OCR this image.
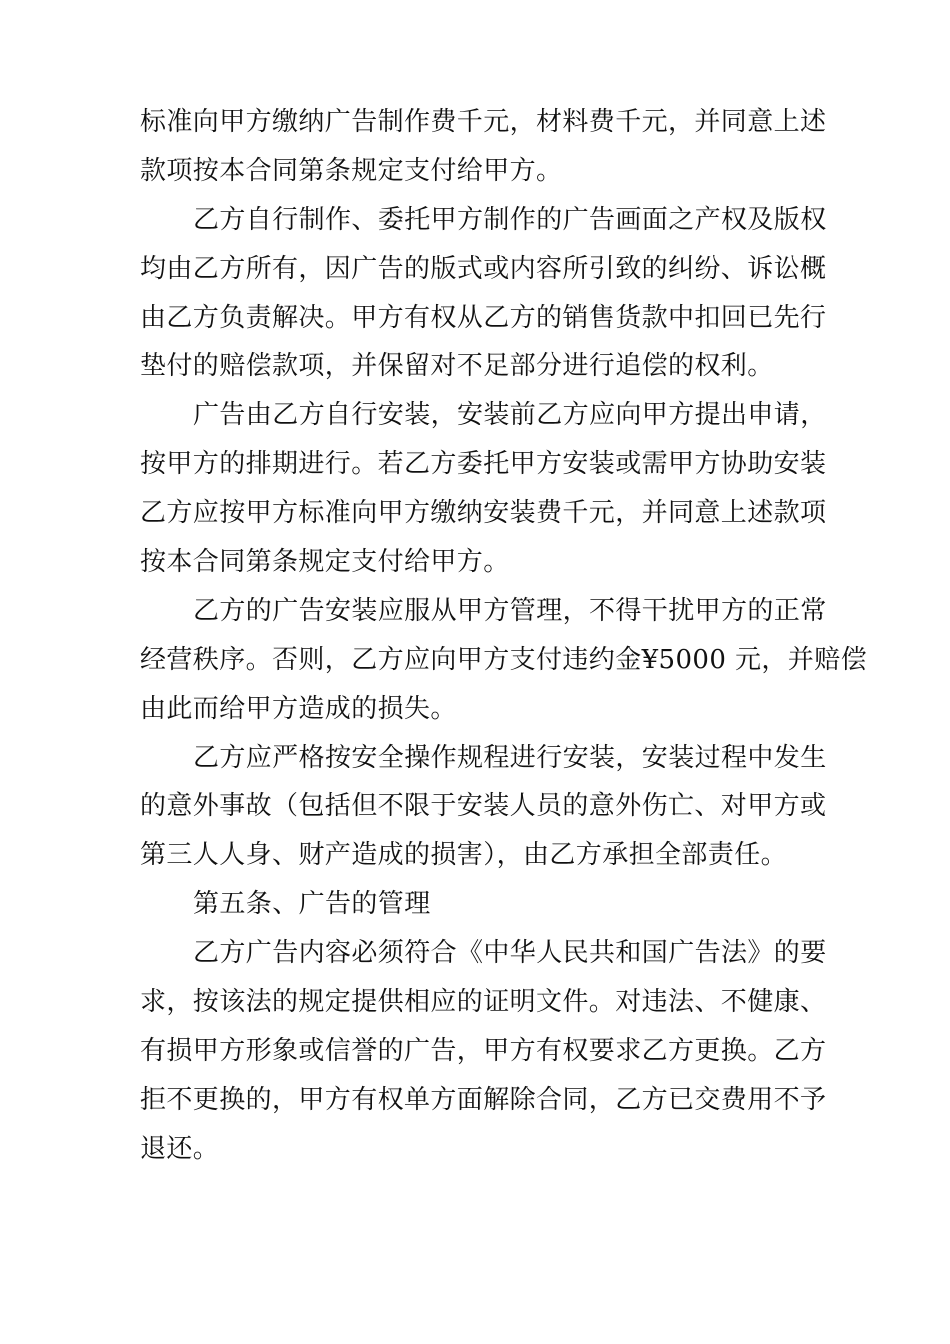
标准向甲方缴纳广告制作费千元，材料费千元，并同意上述
款项按本合同第条规定支付给甲方。
乙方自行制作、委托甲方制作的广告画面之产权及版权
均由乙方所有，因广告的版式或内容所引致的纠纷、诉讼概
由乙方负责解决。甲方有权从乙方的销售货款中扣回已先行
垫付的赔偿款项，并保留对不足部分进行追偿的权利。
广告由乙方自行安装，安装前乙方应向甲方提出申请，
按甲方的排期进行。若乙方委托甲方安装或需甲方协助安装
乙方应按甲方标准向甲方缴纳安装费千元，并同意上述款项
按本合同第条规定支付给甲方。
乙方的广告安装应服从甲方管理，不得干扰甲方的正常
经营秩序。否则，乙方应向甲方支付违约金¥5000 元，并赔偿
由此而给甲方造成的损失。
乙方应严格按安全操作规程进行安装，安装过程中发生
的意外事故（包括但不限于安装人员的意外伤亡、对甲方或
第三人人身、财产造成的损害），由乙方承担全部责任。
第五条、广告的管理
乙方广告内容必须符合《中华人民共和国广告法》的要
求，按该法的规定提供相应的证明文件。对违法、不健康、
有损甲方形象或信誉的广告，甲方有权要求乙方更换。乙方
拒不更换的，甲方有权单方面解除合同，乙方已交费用不予
退还。
